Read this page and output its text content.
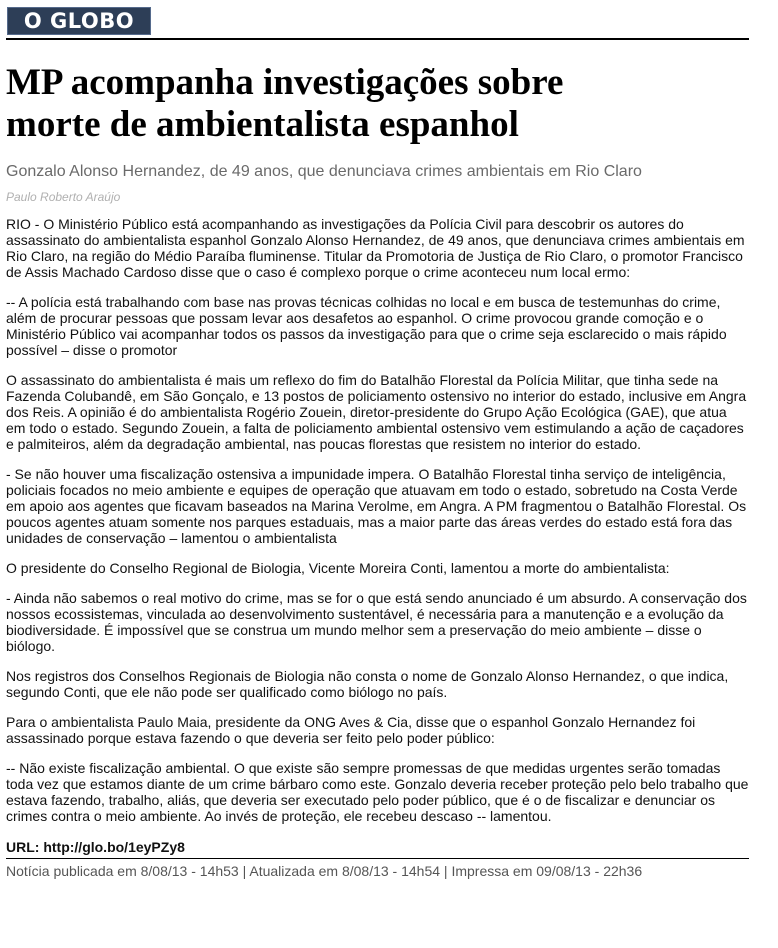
O GLOBO
MP acompanha investigações sobre morte de ambientalista espanhol
Gonzalo Alonso Hernandez, de 49 anos, que denunciava crimes ambientais em Rio Claro
Paulo Roberto Araújo

RIO - O Ministério Público está acompanhando as investigações da Polícia Civil para descobrir os autores do assassinato do ambientalista espanhol Gonzalo Alonso Hernandez, de 49 anos, que denunciava crimes ambientais em Rio Claro, na região do Médio Paraíba fluminense. Titular da Promotoria de Justiça de Rio Claro, o promotor Francisco de Assis Machado Cardoso disse que o caso é complexo porque o crime aconteceu num local ermo:

-- A polícia está trabalhando com base nas provas técnicas colhidas no local e em busca de testemunhas do crime, além de procurar pessoas que possam levar aos desafetos ao espanhol. O crime provocou grande comoção e o Ministério Público vai acompanhar todos os passos da investigação para que o crime seja esclarecido o mais rápido possível – disse o promotor

O assassinato do ambientalista é mais um reflexo do fim do Batalhão Florestal da Polícia Militar, que tinha sede na Fazenda Colubandê, em São Gonçalo, e 13 postos de policiamento ostensivo no interior do estado, inclusive em Angra dos Reis. A opinião é do ambientalista Rogério Zouein, diretor-presidente do Grupo Ação Ecológica (GAE), que atua em todo o estado. Segundo Zouein, a falta de policiamento ambiental ostensivo vem estimulando a ação de caçadores e palmiteiros, além da degradação ambiental, nas poucas florestas que resistem no interior do estado.

- Se não houver uma fiscalização ostensiva a impunidade impera. O Batalhão Florestal tinha serviço de inteligência, policiais focados no meio ambiente e equipes de operação que atuavam em todo o estado, sobretudo na Costa Verde em apoio aos agentes que ficavam baseados na Marina Verolme, em Angra. A PM fragmentou o Batalhão Florestal. Os poucos agentes atuam somente nos parques estaduais, mas a maior parte das áreas verdes do estado está fora das unidades de conservação – lamentou o ambientalista

O presidente do Conselho Regional de Biologia, Vicente Moreira Conti, lamentou a morte do ambientalista:

- Ainda não sabemos o real motivo do crime, mas se for o que está sendo anunciado é um absurdo. A conservação dos nossos ecossistemas, vinculada ao desenvolvimento sustentável, é necessária para a manutenção e a evolução da biodiversidade. É impossível que se construa um mundo melhor sem a preservação do meio ambiente – disse o biólogo.

Nos registros dos Conselhos Regionais de Biologia não consta o nome de Gonzalo Alonso Hernandez, o que indica, segundo Conti, que ele não pode ser qualificado como biólogo no país.

Para o ambientalista Paulo Maia, presidente da ONG Aves & Cia, disse que o espanhol Gonzalo Hernandez foi assassinado porque estava fazendo o que deveria ser feito pelo poder público:

-- Não existe fiscalização ambiental. O que existe são sempre promessas de que medidas urgentes serão tomadas toda vez que estamos diante de um crime bárbaro como este. Gonzalo deveria receber proteção pelo belo trabalho que estava fazendo, trabalho, aliás, que deveria ser executado pelo poder público, que é o de fiscalizar e denunciar os crimes contra o meio ambiente. Ao invés de proteção, ele recebeu descaso -- lamentou.

URL: http://glo.bo/1eyPZy8
Notícia publicada em 8/08/13 - 14h53 | Atualizada em 8/08/13 - 14h54 | Impressa em 09/08/13 - 22h36
